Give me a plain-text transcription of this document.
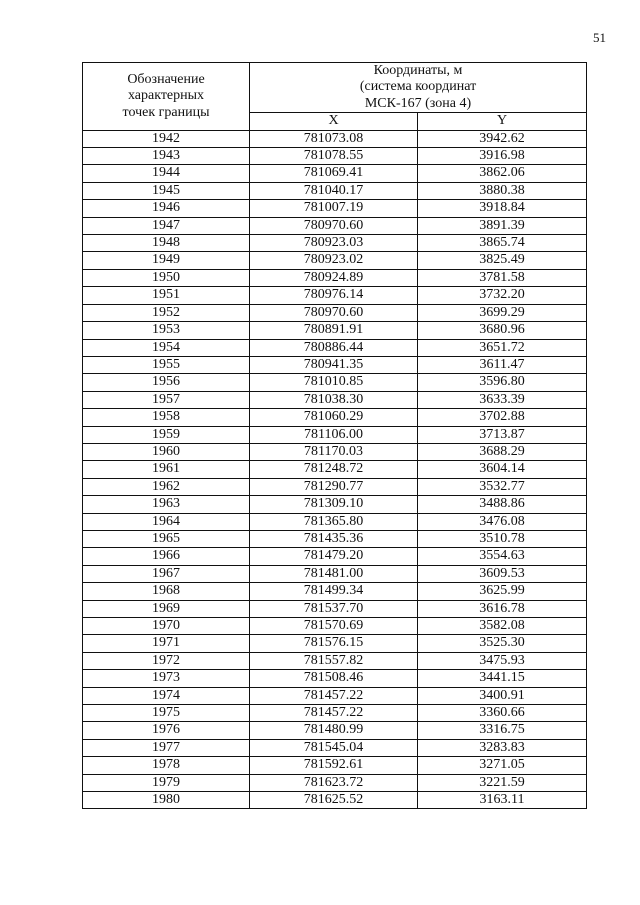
51
Обозначение
характерных
точек границы	Координаты, м
(система координат
МСК-167 (зона 4)	

	X	Y
1942	781073.08	3942.62
1943	781078.55	3916.98
1944	781069.41	3862.06
1945	781040.17	3880.38
1946	781007.19	3918.84
1947	780970.60	3891.39
1948	780923.03	3865.74
1949	780923.02	3825.49
1950	780924.89	3781.58
1951	780976.14	3732.20
1952	780970.60	3699.29
1953	780891.91	3680.96
1954	780886.44	3651.72
1955	780941.35	3611.47
1956	781010.85	3596.80
1957	781038.30	3633.39
1958	781060.29	3702.88
1959	781106.00	3713.87
1960	781170.03	3688.29
1961	781248.72	3604.14
1962	781290.77	3532.77
1963	781309.10	3488.86
1964	781365.80	3476.08
1965	781435.36	3510.78
1966	781479.20	3554.63
1967	781481.00	3609.53
1968	781499.34	3625.99
1969	781537.70	3616.78
1970	781570.69	3582.08
1971	781576.15	3525.30
1972	781557.82	3475.93
1973	781508.46	3441.15
1974	781457.22	3400.91
1975	781457.22	3360.66
1976	781480.99	3316.75
1977	781545.04	3283.83
1978	781592.61	3271.05
1979	781623.72	3221.59
1980	781625.52	3163.11
